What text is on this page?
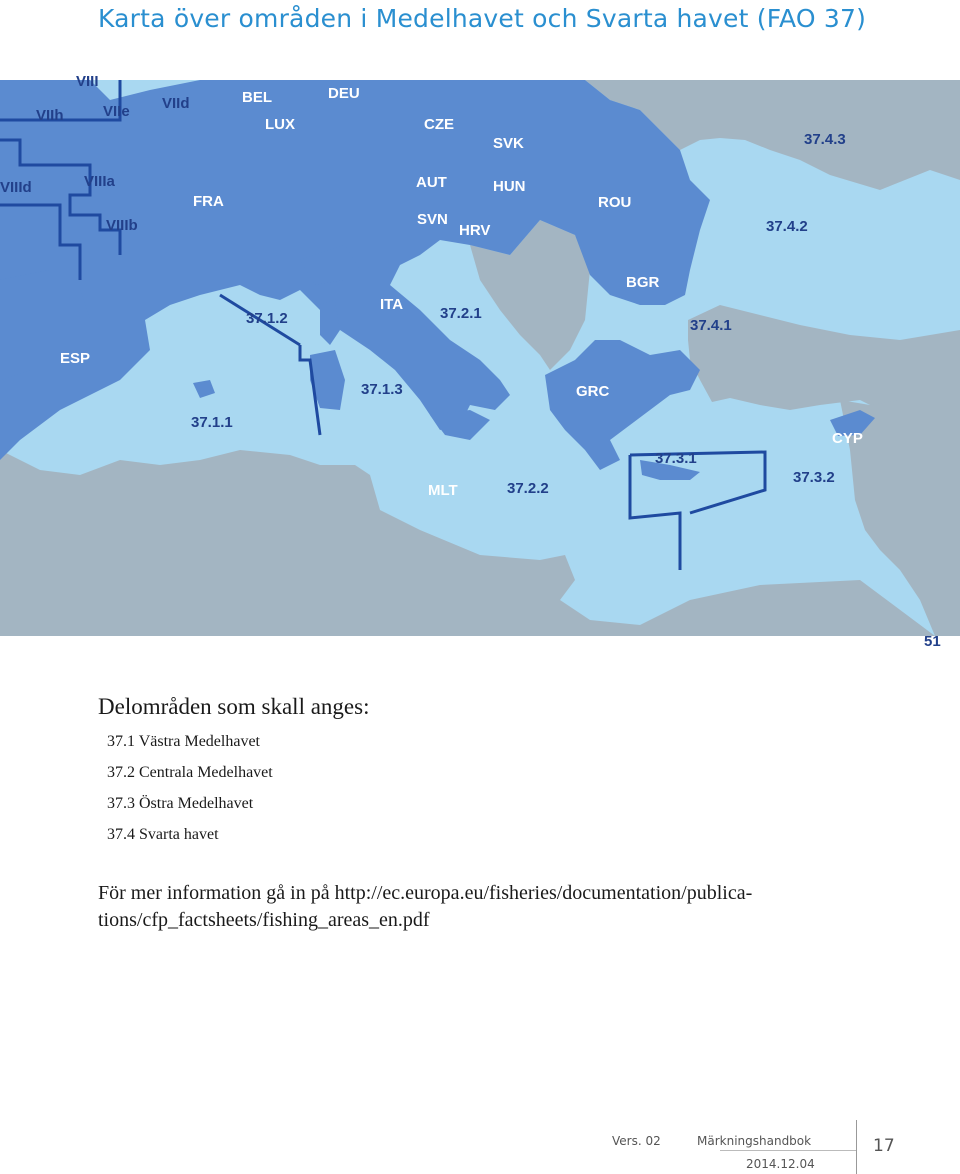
Karta över områden i Medelhavet och Svarta havet (FAO 37)
VIII
VIIh	VIIe VIId
VIIId	VIIIa
VIIIb
BEL	DEU
LUX	CZE
SVK
AUT	HUN
FRA	ROU
SVN
HRV
BGR
ESP
ITA
GRC
MLT
CYP
37.1.2
37.1.1
37.1.3
37.2.1
37.2.2
37.3.1
37.3.2
37.4.1
37.4.2
37.4.3
51
Delområden som skall anges:
37.1 Västra Medelhavet
37.2 Centrala Medelhavet
37.3 Östra Medelhavet
37.4 Svarta havet

För mer information gå in på http://ec.europa.eu/fisheries/documentation/publica-
tions/cfp_factsheets/fishing_areas_en.pdf

Vers. 02	Märkningshandbok
2014.12.04
17
